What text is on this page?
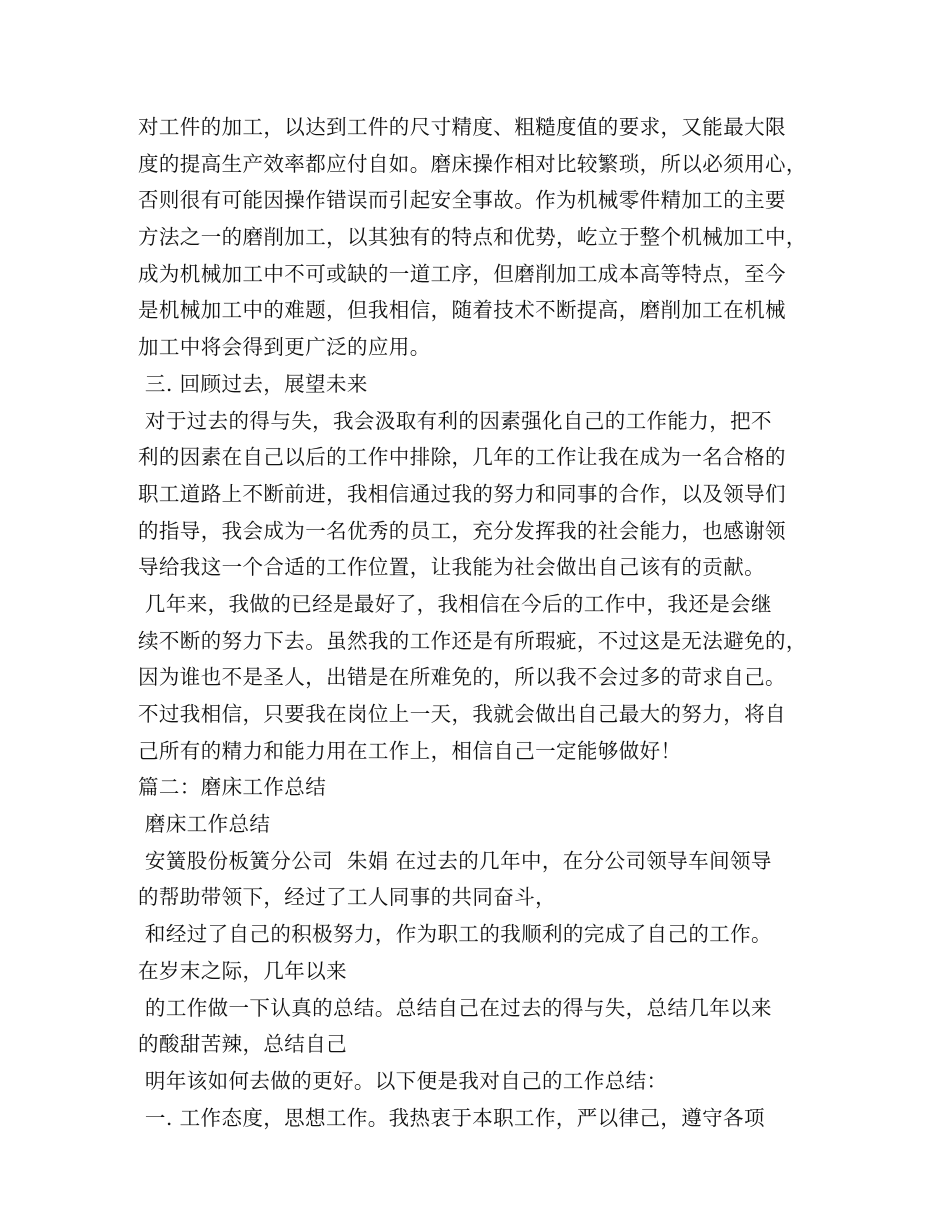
对工件的加工，以达到工件的尺寸精度、粗糙度值的要求，又能最大限
度的提高生产效率都应付自如。磨床操作相对比较繁琐，所以必须用心，
否则很有可能因操作错误而引起安全事故。作为机械零件精加工的主要
方法之一的磨削加工，以其独有的特点和优势，屹立于整个机械加工中，
成为机械加工中不可或缺的一道工序，但磨削加工成本高等特点，至今
是机械加工中的难题，但我相信，随着技术不断提高，磨削加工在机械
加工中将会得到更广泛的应用。
三. 回顾过去，展望未来
对于过去的得与失，我会汲取有利的因素强化自己的工作能力，把不
利的因素在自己以后的工作中排除，几年的工作让我在成为一名合格的
职工道路上不断前进，我相信通过我的努力和同事的合作，以及领导们
的指导，我会成为一名优秀的员工，充分发挥我的社会能力，也感谢领
导给我这一个合适的工作位置，让我能为社会做出自己该有的贡献。
几年来，我做的已经是最好了，我相信在今后的工作中，我还是会继
续不断的努力下去。虽然我的工作还是有所瑕疵，不过这是无法避免的，
因为谁也不是圣人，出错是在所难免的，所以我不会过多的苛求自己。
不过我相信，只要我在岗位上一天，我就会做出自己最大的努力，将自
己所有的精力和能力用在工作上，相信自己一定能够做好！
篇二：磨床工作总结
磨床工作总结
安簧股份板簧分公司  朱娟 在过去的几年中，在分公司领导车间领导
的帮助带领下，经过了工人同事的共同奋斗，
和经过了自己的积极努力，作为职工的我顺利的完成了自己的工作。
在岁末之际，几年以来
的工作做一下认真的总结。总结自己在过去的得与失，总结几年以来
的酸甜苦辣，总结自己
明年该如何去做的更好。以下便是我对自己的工作总结：
一. 工作态度，思想工作。我热衷于本职工作，严以律己，遵守各项
